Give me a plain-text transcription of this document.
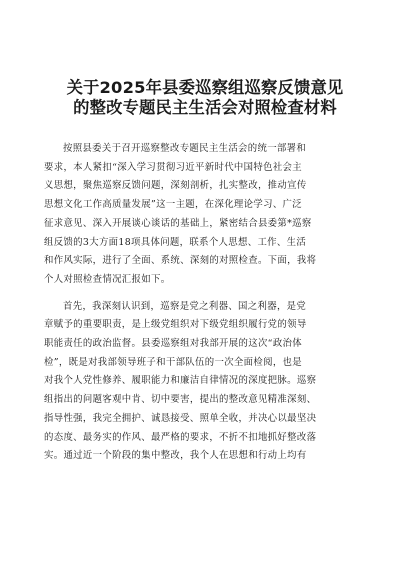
关于2025年县委巡察组巡察反馈意见
的整改专题民主生活会对照检查材料

按照县委关于召开巡察整改专题民主生活会的统一部署和
要求，本人紧扣“深入学习贯彻习近平新时代中国特色社会主
义思想，聚焦巡察反馈问题，深刻剖析，扎实整改，推动宣传
思想文化工作高质量发展”这一主题，在深化理论学习、广泛
征求意见、深入开展谈心谈话的基础上，紧密结合县委第*巡察
组反馈的3大方面18项具体问题，联系个人思想、工作、生活
和作风实际，进行了全面、系统、深刻的对照检查。下面，我将
个人对照检查情况汇报如下。

首先，我深刻认识到，巡察是党之利器、国之利器，是党
章赋予的重要职责，是上级党组织对下级党组织履行党的领导
职能责任的政治监督。县委巡察组对我部开展的这次“政治体
检”，既是对我部领导班子和干部队伍的一次全面检阅，也是
对我个人党性修养、履职能力和廉洁自律情况的深度把脉。巡察
组指出的问题客观中肯、切中要害，提出的整改意见精准深刻、
指导性强，我完全拥护、诚恳接受、照单全收，并决心以最坚决
的态度、最务实的作风、最严格的要求，不折不扣地抓好整改落
实。通过近一个阶段的集中整改，我个人在思想和行动上均有
